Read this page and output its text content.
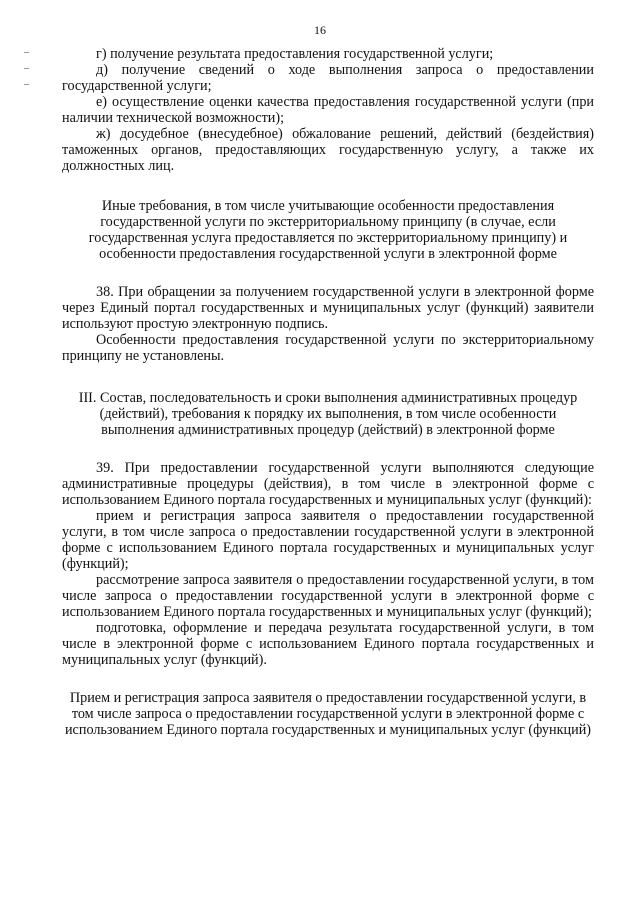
16

г) получение результата предоставления государственной услуги;

д) получение сведений о ходе выполнения запроса о предоставлении государственной услуги;

е) осуществление оценки качества предоставления государственной услуги (при наличии технической возможности);

ж) досудебное (внесудебное) обжалование решений, действий (бездействия) таможенных органов, предоставляющих государственную услугу, а также их должностных лиц.

Иные требования, в том числе учитывающие особенности предоставления государственной услуги по экстерриториальному принципу (в случае, если государственная услуга предоставляется по экстерриториальному принципу) и особенности предоставления государственной услуги в электронной форме

38. При обращении за получением государственной услуги в электронной форме через Единый портал государственных и муниципальных услуг (функций) заявители используют простую электронную подпись.

Особенности предоставления государственной услуги по экстерриториальному принципу не установлены.

III. Состав, последовательность и сроки выполнения административных процедур (действий), требования к порядку их выполнения, в том числе особенности выполнения административных процедур (действий) в электронной форме

39. При предоставлении государственной услуги выполняются следующие административные процедуры (действия), в том числе в электронной форме с использованием Единого портала государственных и муниципальных услуг (функций):

прием и регистрация запроса заявителя о предоставлении государственной услуги, в том числе запроса о предоставлении государственной услуги в электронной форме с использованием Единого портала государственных и муниципальных услуг (функций);

рассмотрение запроса заявителя о предоставлении государственной услуги, в том числе запроса о предоставлении государственной услуги в электронной форме с использованием Единого портала государственных и муниципальных услуг (функций);

подготовка, оформление и передача результата государственной услуги, в том числе в электронной форме с использованием Единого портала государственных и муниципальных услуг (функций).

Прием и регистрация запроса заявителя о предоставлении государственной услуги, в том числе запроса о предоставлении государственной услуги в электронной форме с использованием Единого портала государственных и муниципальных услуг (функций)
